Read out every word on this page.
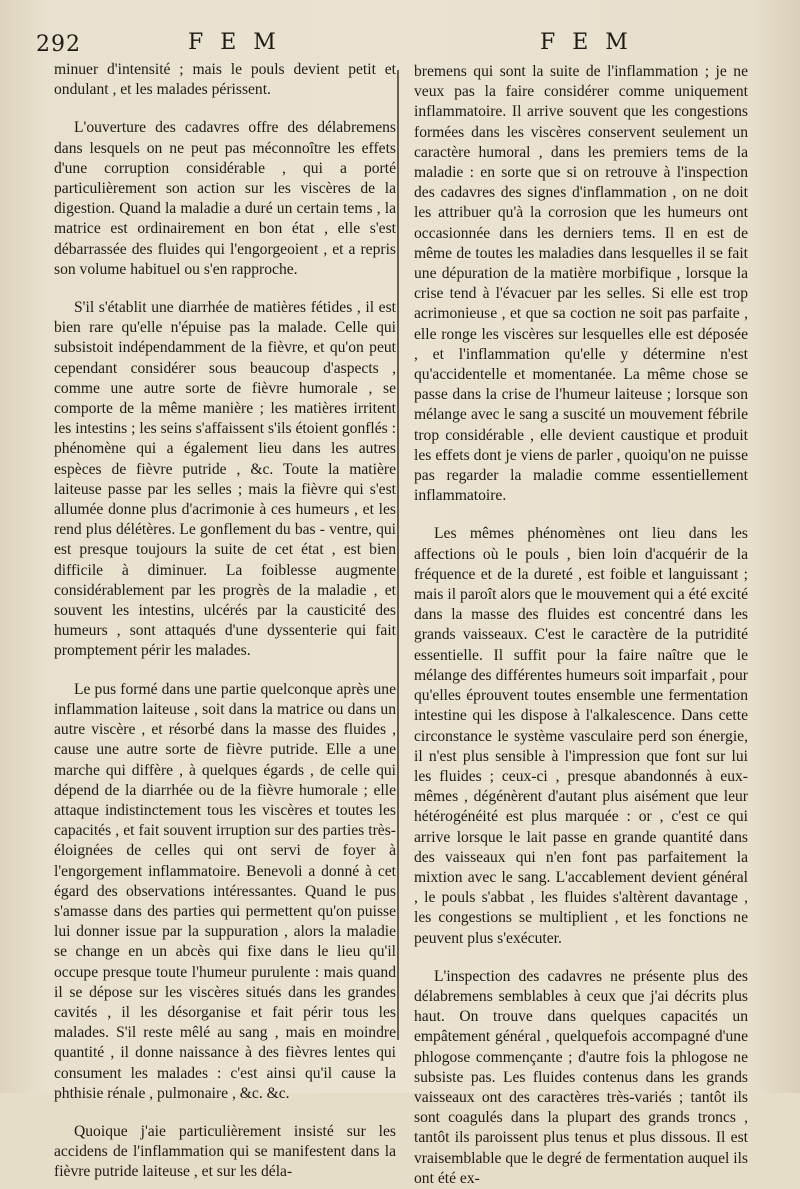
292	F E M	F E M

minuer d'intensité ; mais le pouls devient petit et ondulant , et les malades périssent.

L'ouverture des cadavres offre des délabremens dans lesquels on ne peut pas méconnoître les effets d'une corruption considérable , qui a porté particulièrement son action sur les viscères de la digestion. Quand la maladie a duré un certain tems , la matrice est ordinairement en bon état , elle s'est débarrassée des fluides qui l'engorgeoient , et a repris son volume habituel ou s'en rapproche.

S'il s'établit une diarrhée de matières fétides , il est bien rare qu'elle n'épuise pas la malade. Celle qui subsistoit indépendamment de la fièvre, et qu'on peut cependant considérer sous beaucoup d'aspects , comme une autre sorte de fièvre humorale , se comporte de la même manière ; les matières irritent les intestins ; les seins s'affaissent s'ils étoient gonflés : phénomène qui a également lieu dans les autres espèces de fièvre putride , &c. Toute la matière laiteuse passe par les selles ; mais la fièvre qui s'est allumée donne plus d'acrimonie à ces humeurs , et les rend plus délétères. Le gonflement du bas - ventre, qui est presque toujours la suite de cet état , est bien difficile à diminuer. La foiblesse augmente considérablement par les progrès de la maladie , et souvent les intestins, ulcérés par la causticité des humeurs , sont attaqués d'une dyssenterie qui fait promptement périr les malades.

Le pus formé dans une partie quelconque après une inflammation laiteuse , soit dans la matrice ou dans un autre viscère , et résorbé dans la masse des fluides , cause une autre sorte de fièvre putride. Elle a une marche qui diffère , à quelques égards , de celle qui dépend de la diarrhée ou de la fièvre humorale ; elle attaque indistinctement tous les viscères et toutes les capacités , et fait souvent irruption sur des parties très-éloignées de celles qui ont servi de foyer à l'engorgement inflammatoire. Benevoli a donné à cet égard des observations intéressantes. Quand le pus s'amasse dans des parties qui permettent qu'on puisse lui donner issue par la suppuration , alors la maladie se change en un abcès qui fixe dans le lieu qu'il occupe presque toute l'humeur purulente : mais quand il se dépose sur les viscères situés dans les grandes cavités , il les désorganise et fait périr tous les malades. S'il reste mêlé au sang , mais en moindre quantité , il donne naissance à des fièvres lentes qui consument les malades : c'est ainsi qu'il cause la phthisie rénale , pulmonaire , &c. &c.

Quoique j'aie particulièrement insisté sur les accidens de l'inflammation qui se manifestent dans la fièvre putride laiteuse , et sur les déla-

bremens qui sont la suite de l'inflammation ; je ne veux pas la faire considérer comme uniquement inflammatoire. Il arrive souvent que les congestions formées dans les viscères conservent seulement un caractère humoral , dans les premiers tems de la maladie : en sorte que si on retrouve à l'inspection des cadavres des signes d'inflammation , on ne doit les attribuer qu'à la corrosion que les humeurs ont occasionnée dans les derniers tems. Il en est de même de toutes les maladies dans lesquelles il se fait une dépuration de la matière morbifique , lorsque la crise tend à l'évacuer par les selles. Si elle est trop acrimonieuse , et que sa coction ne soit pas parfaite , elle ronge les viscères sur lesquelles elle est déposée , et l'inflammation qu'elle y détermine n'est qu'accidentelle et momentanée. La même chose se passe dans la crise de l'humeur laiteuse ; lorsque son mélange avec le sang a suscité un mouvement fébrile trop considérable , elle devient caustique et produit les effets dont je viens de parler , quoiqu'on ne puisse pas regarder la maladie comme essentiellement inflammatoire.

Les mêmes phénomènes ont lieu dans les affections où le pouls , bien loin d'acquérir de la fréquence et de la dureté , est foible et languissant ; mais il paroît alors que le mouvement qui a été excité dans la masse des fluides est concentré dans les grands vaisseaux. C'est le caractère de la putridité essentielle. Il suffit pour la faire naître que le mélange des différentes humeurs soit imparfait , pour qu'elles éprouvent toutes ensemble une fermentation intestine qui les dispose à l'alkalescence. Dans cette circonstance le système vasculaire perd son énergie, il n'est plus sensible à l'impression que font sur lui les fluides ; ceux-ci , presque abandonnés à eux-mêmes , dégénèrent d'autant plus aisément que leur hétérogénéité est plus marquée : or , c'est ce qui arrive lorsque le lait passe en grande quantité dans des vaisseaux qui n'en font pas parfaitement la mixtion avec le sang. L'accablement devient général , le pouls s'abbat , les fluides s'altèrent davantage , les congestions se multiplient , et les fonctions ne peuvent plus s'exécuter.

L'inspection des cadavres ne présente plus des délabremens semblables à ceux que j'ai décrits plus haut. On trouve dans quelques capacités un empâtement général , quelquefois accompagné d'une phlogose commençante ; d'autre fois la phlogose ne subsiste pas. Les fluides contenus dans les grands vaisseaux ont des caractères très-variés ; tantôt ils sont coagulés dans la plupart des grands troncs , tantôt ils paroissent plus tenus et plus dissous. Il est vraisemblable que le degré de fermentation auquel ils ont été ex-
